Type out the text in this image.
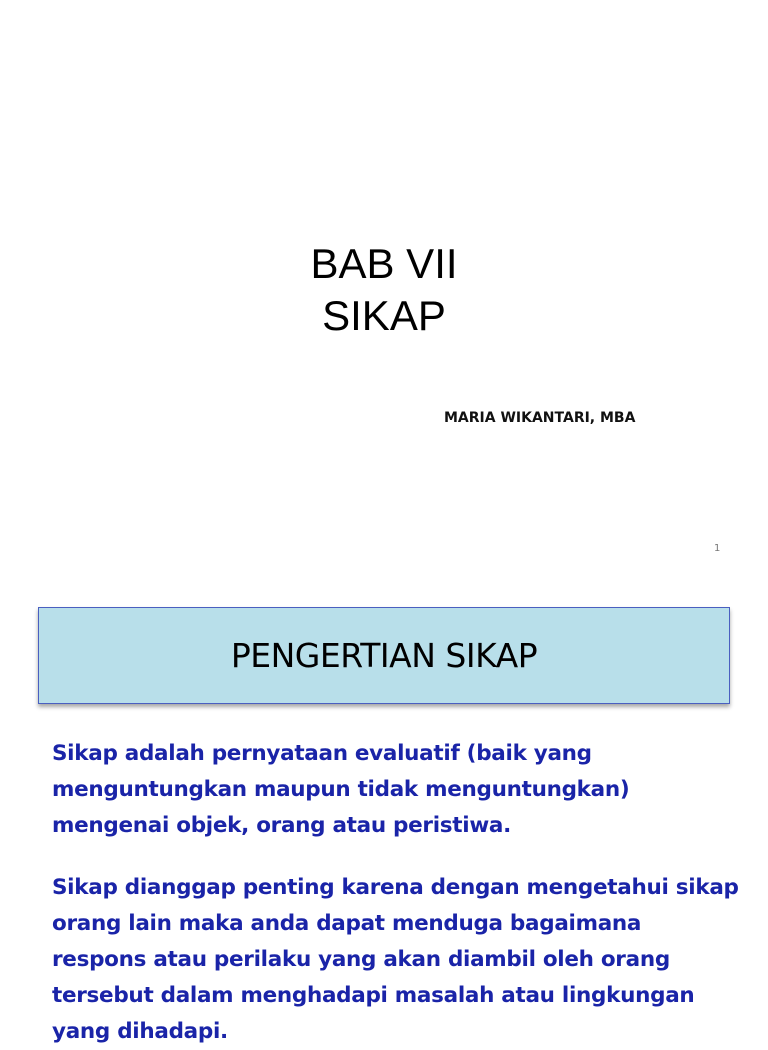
BAB VII
SIKAP
MARIA WIKANTARI, MBA
1
PENGERTIAN SIKAP

Sikap adalah pernyataan evaluatif (baik yang menguntungkan maupun tidak menguntungkan) mengenai objek, orang atau peristiwa.

Sikap dianggap penting karena dengan mengetahui sikap orang lain maka anda dapat menduga bagaimana respons atau perilaku yang akan diambil oleh orang tersebut dalam menghadapi masalah atau lingkungan yang dihadapi.
